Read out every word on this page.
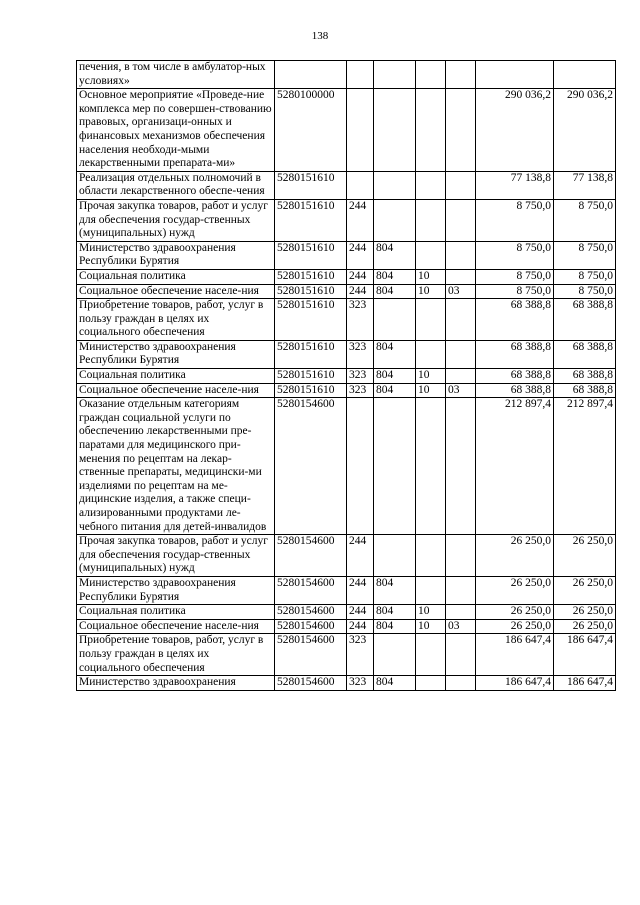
138
печения, в том числе в амбулатор-ных условиях»							
Основное мероприятие «Проведе-ние комплекса мер по совершен-ствованию правовых, организаци-онных и финансовых механизмов обеспечения населения необходи-мыми лекарственными препарата-ми»	5280100000					290 036,2	290 036,2
Реализация отдельных полномочий в области лекарственного обеспе-чения	5280151610					77 138,8	77 138,8
Прочая закупка товаров, работ и услуг для обеспечения государ-ственных (муниципальных) нужд	5280151610	244				8 750,0	8 750,0
Министерство здравоохранения Республики Бурятия	5280151610	244	804			8 750,0	8 750,0
Социальная политика	5280151610	244	804	10		8 750,0	8 750,0
Социальное обеспечение населе-ния	5280151610	244	804	10	03	8 750,0	8 750,0
Приобретение товаров, работ, услуг в пользу граждан в целях их социального обеспечения	5280151610	323				68 388,8	68 388,8
Министерство здравоохранения Республики Бурятия	5280151610	323	804			68 388,8	68 388,8
Социальная политика	5280151610	323	804	10		68 388,8	68 388,8
Социальное обеспечение населе-ния	5280151610	323	804	10	03	68 388,8	68 388,8
Оказание отдельным категориям граждан социальной услуги по обеспечению лекарственными пре-паратами для медицинского при-менения по рецептам на лекар-ственные препараты, медицински-ми изделиями по рецептам на ме-дицинские изделия, а также специ-ализированными продуктами ле-чебного питания для детей-инвалидов	5280154600					212 897,4	212 897,4
Прочая закупка товаров, работ и услуг для обеспечения государ-ственных (муниципальных) нужд	5280154600	244				26 250,0	26 250,0
Министерство здравоохранения Республики Бурятия	5280154600	244	804			26 250,0	26 250,0
Социальная политика	5280154600	244	804	10		26 250,0	26 250,0
Социальное обеспечение населе-ния	5280154600	244	804	10	03	26 250,0	26 250,0
Приобретение товаров, работ, услуг в пользу граждан в целях их социального обеспечения	5280154600	323				186 647,4	186 647,4
Министерство здравоохранения	5280154600	323	804			186 647,4	186 647,4
